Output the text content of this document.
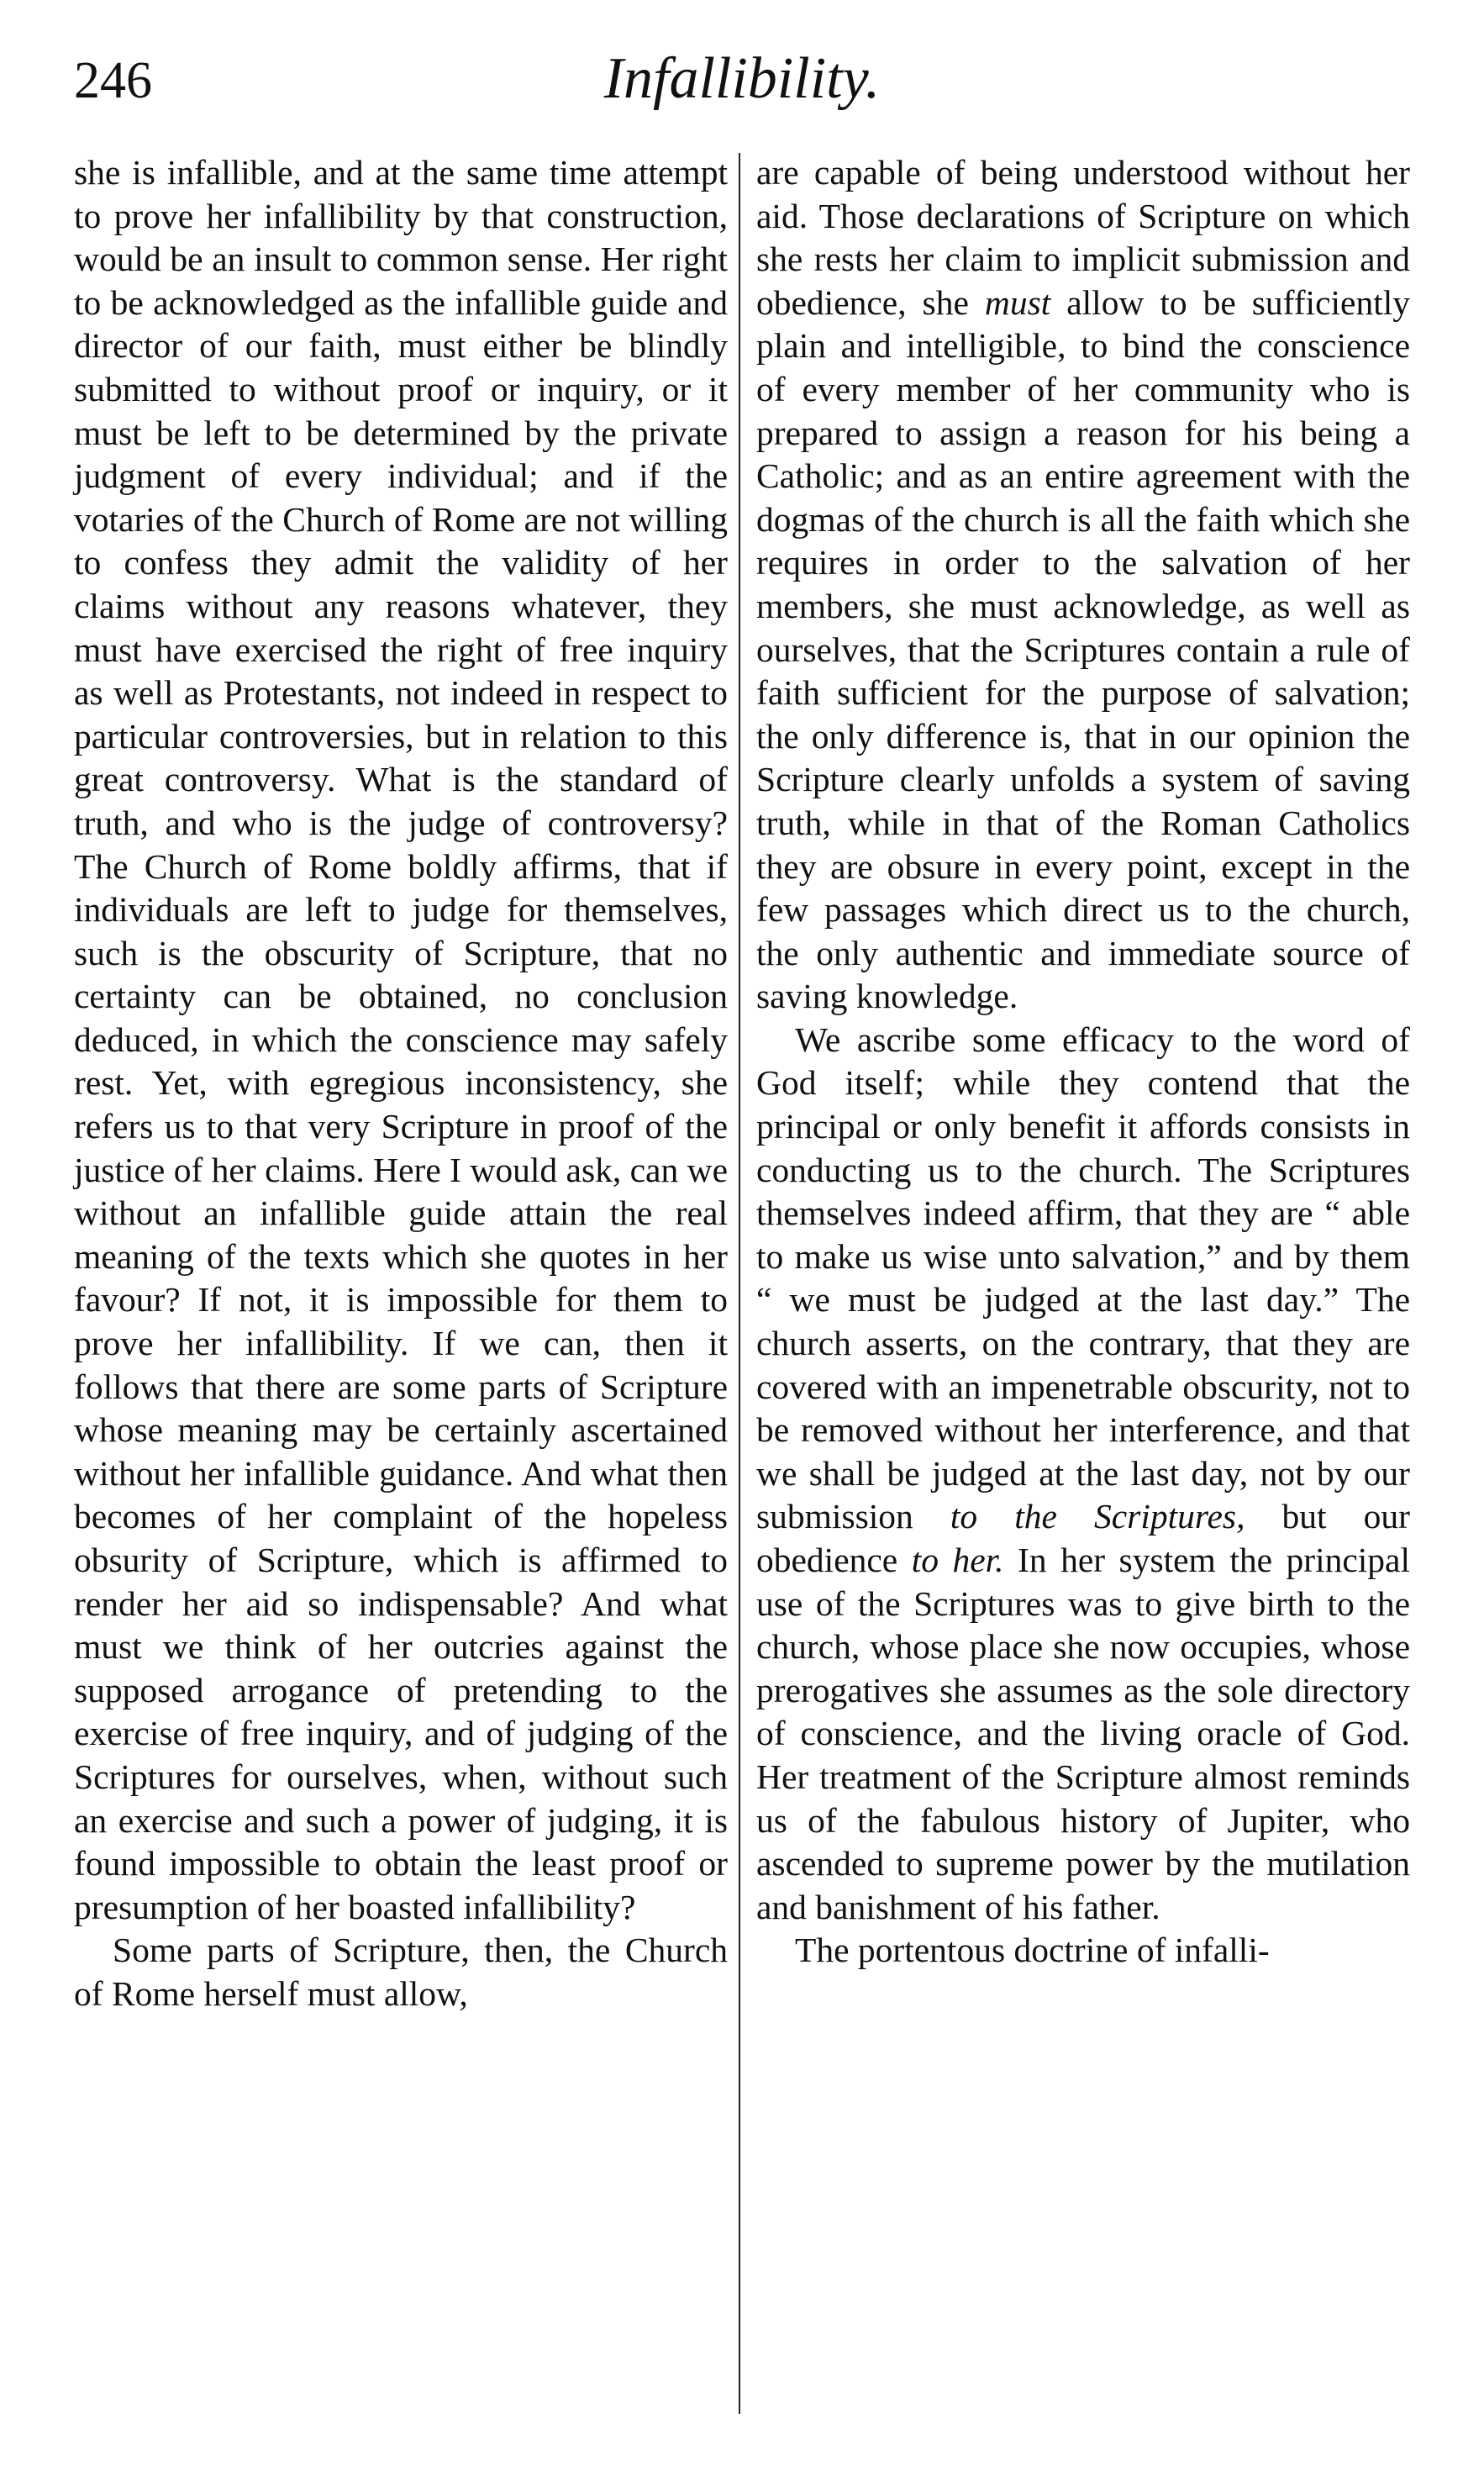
246	Infallibility.

she is infallible, and at the same time attempt to prove her infallibility by that construction, would be an insult to common sense. Her right to be acknowledged as the infallible guide and director of our faith, must either be blindly submitted to without proof or inquiry, or it must be left to be determined by the private judgment of every individual; and if the votaries of the Church of Rome are not willing to confess they admit the validity of her claims without any reasons whatever, they must have exercised the right of free inquiry as well as Protestants, not indeed in respect to particular controversies, but in relation to this great controversy. What is the standard of truth, and who is the judge of controversy? The Church of Rome boldly affirms, that if individuals are left to judge for themselves, such is the obscurity of Scripture, that no certainty can be obtained, no conclusion deduced, in which the conscience may safely rest. Yet, with egregious inconsistency, she refers us to that very Scripture in proof of the justice of her claims. Here I would ask, can we without an infallible guide attain the real meaning of the texts which she quotes in her favour? If not, it is impossible for them to prove her infallibility. If we can, then it follows that there are some parts of Scripture whose meaning may be certainly ascertained without her infallible guidance. And what then becomes of her complaint of the hopeless obsurity of Scripture, which is affirmed to render her aid so indispensable? And what must we think of her outcries against the supposed arrogance of pretending to the exercise of free inquiry, and of judging of the Scriptures for ourselves, when, without such an exercise and such a power of judging, it is found impossible to obtain the least proof or presumption of her boasted infallibility?

Some parts of Scripture, then, the Church of Rome herself must allow,

are capable of being understood without her aid. Those declarations of Scripture on which she rests her claim to implicit submission and obedience, she must allow to be sufficiently plain and intelligible, to bind the conscience of every member of her community who is prepared to assign a reason for his being a Catholic; and as an entire agreement with the dogmas of the church is all the faith which she requires in order to the salvation of her members, she must acknowledge, as well as ourselves, that the Scriptures contain a rule of faith sufficient for the purpose of salvation; the only difference is, that in our opinion the Scripture clearly unfolds a system of saving truth, while in that of the Roman Catholics they are obsure in every point, except in the few passages which direct us to the church, the only authentic and immediate source of saving knowledge.

We ascribe some efficacy to the word of God itself; while they contend that the principal or only benefit it affords consists in conducting us to the church. The Scriptures themselves indeed affirm, that they are “ able to make us wise unto salvation,” and by them “ we must be judged at the last day.” The church asserts, on the contrary, that they are covered with an impenetrable obscurity, not to be removed without her interference, and that we shall be judged at the last day, not by our submission to the Scriptures, but our obedience to her. In her system the principal use of the Scriptures was to give birth to the church, whose place she now occupies, whose prerogatives she assumes as the sole directory of conscience, and the living oracle of God. Her treatment of the Scripture almost reminds us of the fabulous history of Jupiter, who ascended to supreme power by the mutilation and banishment of his father.

The portentous doctrine of infalli-
